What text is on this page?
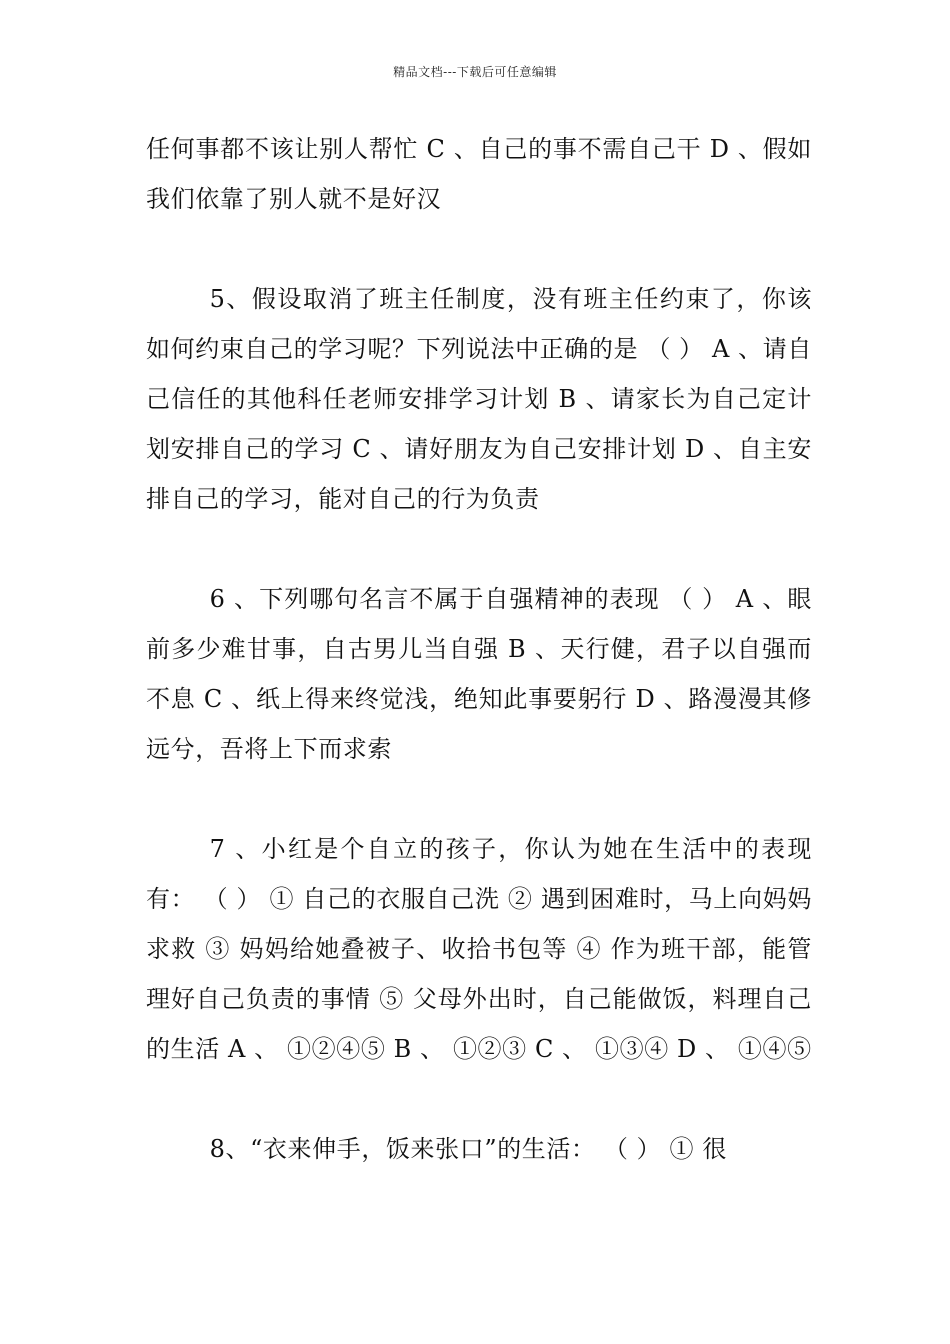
精品文档---下载后可任意编辑

任何事都不该让别人帮忙 C 、自己的事不需自己干 D 、假如我们依靠了别人就不是好汉

5、假设取消了班主任制度，没有班主任约束了，你该如何约束自己的学习呢？下列说法中正确的是 （ ） A 、请自己信任的其他科任老师安排学习计划 B 、请家长为自己定计划安排自己的学习 C 、请好朋友为自己安排计划 D 、自主安排自己的学习，能对自己的行为负责

6 、下列哪句名言不属于自强精神的表现 （ ） A 、眼前多少难甘事，自古男儿当自强 B 、天行健，君子以自强而不息 C 、纸上得来终觉浅，绝知此事要躬行 D 、路漫漫其修远兮，吾将上下而求索

7 、小红是个自立的孩子，你认为她在生活中的表现有： （ ） ① 自己的衣服自己洗 ② 遇到困难时，马上向妈妈求救 ③ 妈妈给她叠被子、收拾书包等 ④ 作为班干部，能管理好自己负责的事情 ⑤ 父母外出时，自己能做饭，料理自己的生活 A 、 ①②④⑤ B 、 ①②③ C 、 ①③④ D 、 ①④⑤

8、“衣来伸手，饭来张口”的生活： （ ） ① 很
